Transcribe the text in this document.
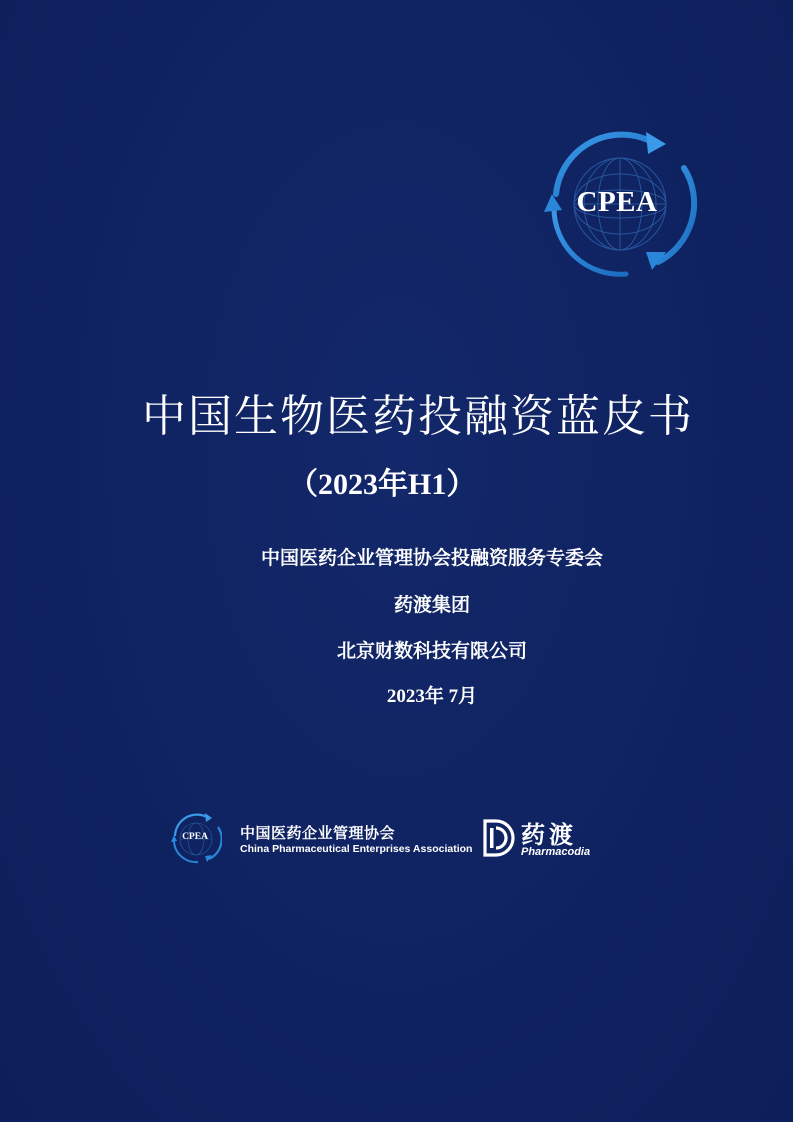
CPEA
中国生物医药投融资蓝皮书
（2023年H1）
中国医药企业管理协会投融资服务专委会
药渡集团
北京财数科技有限公司
2023年 7月
CPEA	中国医药企业管理协会
China Pharmaceutical Enterprises Association 药渡
Pharmacodia
